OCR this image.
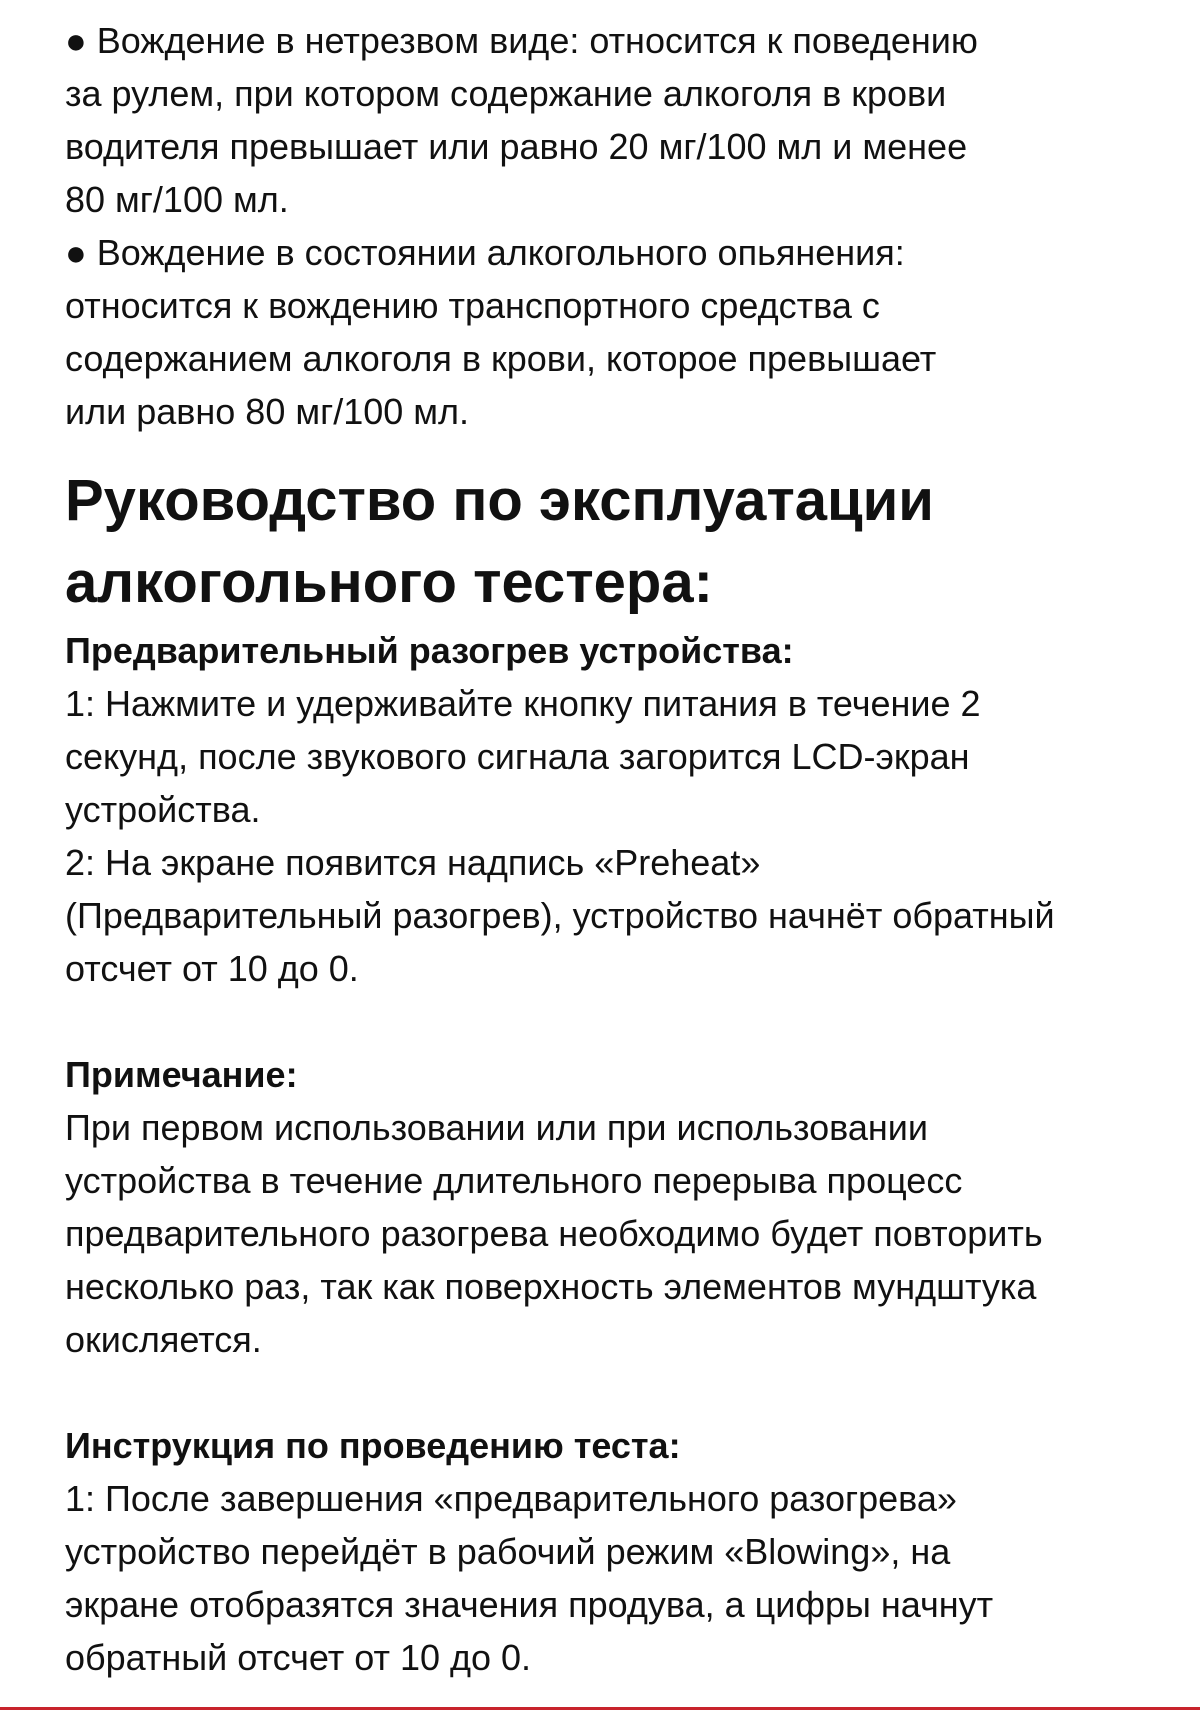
● Вождение в нетрезвом виде: относится к поведению

за рулем, при котором содержание алкоголя в крови

водителя превышает или равно 20 мг/100 мл и менее

80 мг/100 мл.

● Вождение в состоянии алкогольного опьянения:

относится к вождению транспортного средства с

содержанием алкоголя в крови, которое превышает

или равно 80 мг/100 мл.

Руководство по эксплуатации

алкогольного тестера:

Предварительный разогрев устройства:

1: Нажмите и удерживайте кнопку питания в течение 2

секунд, после звукового сигнала загорится LCD-экран

устройства.

2: На экране появится надпись «Preheat»

(Предварительный разогрев), устройство начнёт обратный

отсчет от 10 до 0.

Примечание:

При первом использовании или при использовании

устройства в течение длительного перерыва процесс

предварительного разогрева необходимо будет повторить

несколько раз, так как поверхность элементов мундштука

окисляется.

Инструкция по проведению теста:

1: После завершения «предварительного разогрева»

устройство перейдёт в рабочий режим «Blowing», на

экране отобразятся значения продува, а цифры начнут

обратный отсчет от 10 до 0.
